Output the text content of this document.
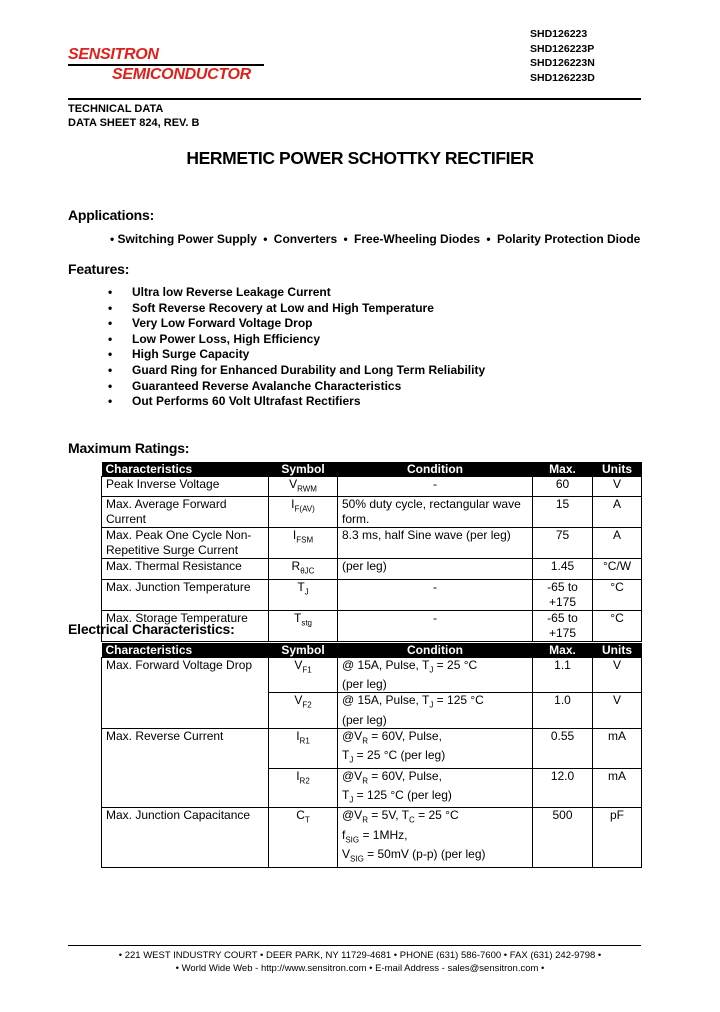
SENSITRON
SEMICONDUCTOR
SHD126223
SHD126223P
SHD126223N
SHD126223D
TECHNICAL DATA
DATA SHEET 824, REV. B
HERMETIC POWER SCHOTTKY RECTIFIER
Applications:
• Switching Power Supply • Converters • Free-Wheeling Diodes • Polarity Protection Diode
Features:
• Ultra low Reverse Leakage Current
• Soft Reverse Recovery at Low and High Temperature
• Very Low Forward Voltage Drop
• Low Power Loss, High Efficiency
• High Surge Capacity
• Guard Ring for Enhanced Durability and Long Term Reliability
• Guaranteed Reverse Avalanche Characteristics
• Out Performs 60 Volt Ultrafast Rectifiers
Maximum Ratings:
Characteristics	Symbol	Condition	Max.	Units
Peak Inverse Voltage	$V_{RWM}$	-	60	V
Max. Average Forward Current	$I_{F(AV)}$	50% duty cycle, rectangular wave form.	15	A
Max. Peak One Cycle Non-Repetitive Surge Current	$I_{FSM}$	8.3 ms, half Sine wave (per leg)	75	A
Max. Thermal Resistance	$R_{\theta JC}$	(per leg)	1.45	°C/W
Max. Junction Temperature	$T_J$	-	-65 to +175	°C
Max. Storage Temperature	$T_{stg}$	-	-65 to +175	°C
Electrical Characteristics:
Characteristics	Symbol	Condition	Max.	Units
Max. Forward Voltage Drop	$V_{F1}$	@ 15A, Pulse, $T_J = 25$ °C
(per leg)	1.1	V
	$V_{F2}$	@ 15A, Pulse, $T_J = 125$ °C
(per leg)	1.0	V
Max. Reverse Current	$I_{R1}$	$@V_R = 60V$, Pulse,
$T_J = 25$ °C (per leg)	0.55	mA
	$I_{R2}$	$@V_R = 60V$, Pulse,
$T_J = 125$ °C (per leg)	12.0	mA
Max. Junction Capacitance	$C_T$	$@V_R = 5V$, $T_C = 25$ °C
$f_{SIG} = 1MHz$,
$V_{SIG} = 50mV$ (p-p) (per leg)	500	pF
• 221 WEST INDUSTRY COURT • DEER PARK, NY 11729-4681 • PHONE (631) 586-7600 • FAX (631) 242-9798 •
• World Wide Web - http://www.sensitron.com • E-mail Address - sales@sensitron.com •
